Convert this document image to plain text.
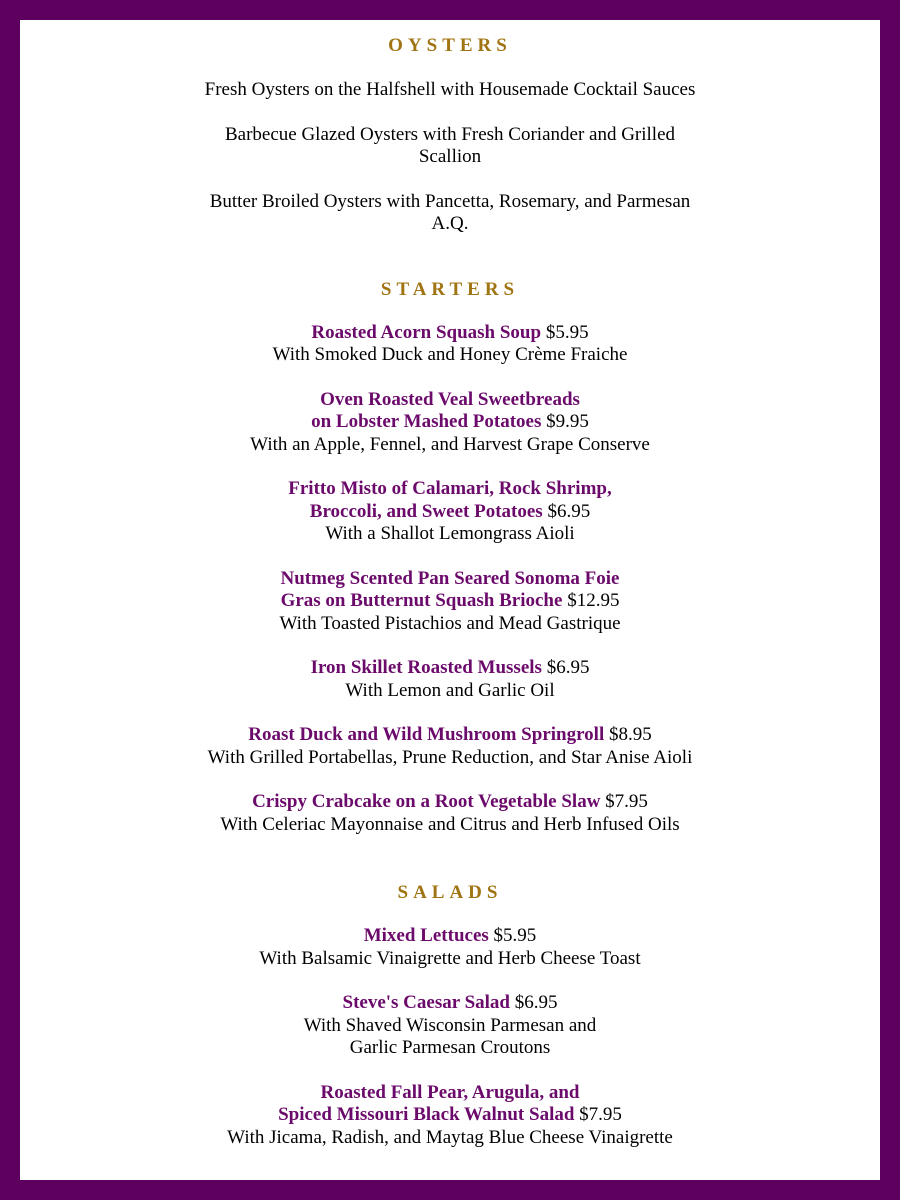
OYSTERS
Fresh Oysters on the Halfshell with Housemade Cocktail Sauces
Barbecue Glazed Oysters with Fresh Coriander and Grilled
Scallion
Butter Broiled Oysters with Pancetta, Rosemary, and Parmesan
A.Q.
STARTERS
Roasted Acorn Squash Soup $5.95
With Smoked Duck and Honey Crème Fraiche
Oven Roasted Veal Sweetbreads
on Lobster Mashed Potatoes $9.95
With an Apple, Fennel, and Harvest Grape Conserve
Fritto Misto of Calamari, Rock Shrimp,
Broccoli, and Sweet Potatoes $6.95
With a Shallot Lemongrass Aioli
Nutmeg Scented Pan Seared Sonoma Foie
Gras on Butternut Squash Brioche $12.95
With Toasted Pistachios and Mead Gastrique
Iron Skillet Roasted Mussels $6.95
With Lemon and Garlic Oil
Roast Duck and Wild Mushroom Springroll $8.95
With Grilled Portabellas, Prune Reduction, and Star Anise Aioli
Crispy Crabcake on a Root Vegetable Slaw $7.95
With Celeriac Mayonnaise and Citrus and Herb Infused Oils
SALADS
Mixed Lettuces $5.95
With Balsamic Vinaigrette and Herb Cheese Toast
Steve's Caesar Salad $6.95
With Shaved Wisconsin Parmesan and
Garlic Parmesan Croutons
Roasted Fall Pear, Arugula, and
Spiced Missouri Black Walnut Salad $7.95
With Jicama, Radish, and Maytag Blue Cheese Vinaigrette
